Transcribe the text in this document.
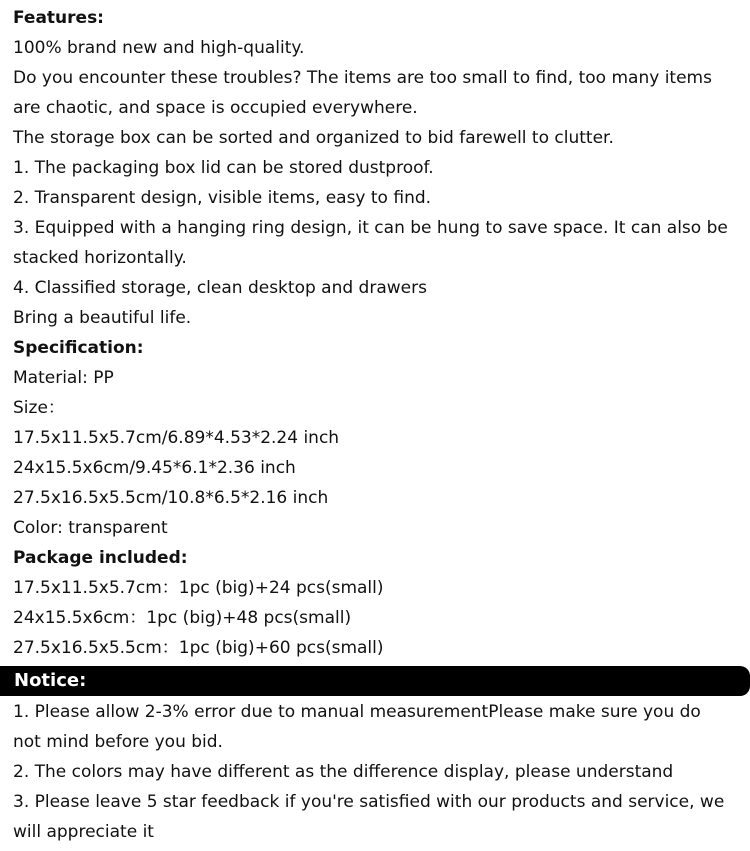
Features:
100% brand new and high-quality.
Do you encounter these troubles? The items are too small to find, too many items
are chaotic, and space is occupied everywhere.
The storage box can be sorted and organized to bid farewell to clutter.
1. The packaging box lid can be stored dustproof.
2. Transparent design, visible items, easy to find.
3. Equipped with a hanging ring design, it can be hung to save space. It can also be
stacked horizontally.
4. Classified storage, clean desktop and drawers
Bring a beautiful life.
Specification:
Material: PP
Size：
17.5x11.5x5.7cm/6.89*4.53*2.24 inch
24x15.5x6cm/9.45*6.1*2.36 inch
27.5x16.5x5.5cm/10.8*6.5*2.16 inch
Color: transparent
Package included:
17.5x11.5x5.7cm：1pc (big)+24 pcs(small)
24x15.5x6cm：1pc (big)+48 pcs(small)
27.5x16.5x5.5cm：1pc (big)+60 pcs(small)
Notice:
1. Please allow 2-3% error due to manual measurementPlease make sure you do
not mind before you bid.
2. The colors may have different as the difference display, please understand
3. Please leave 5 star feedback if you're satisfied with our products and service, we
will appreciate it
